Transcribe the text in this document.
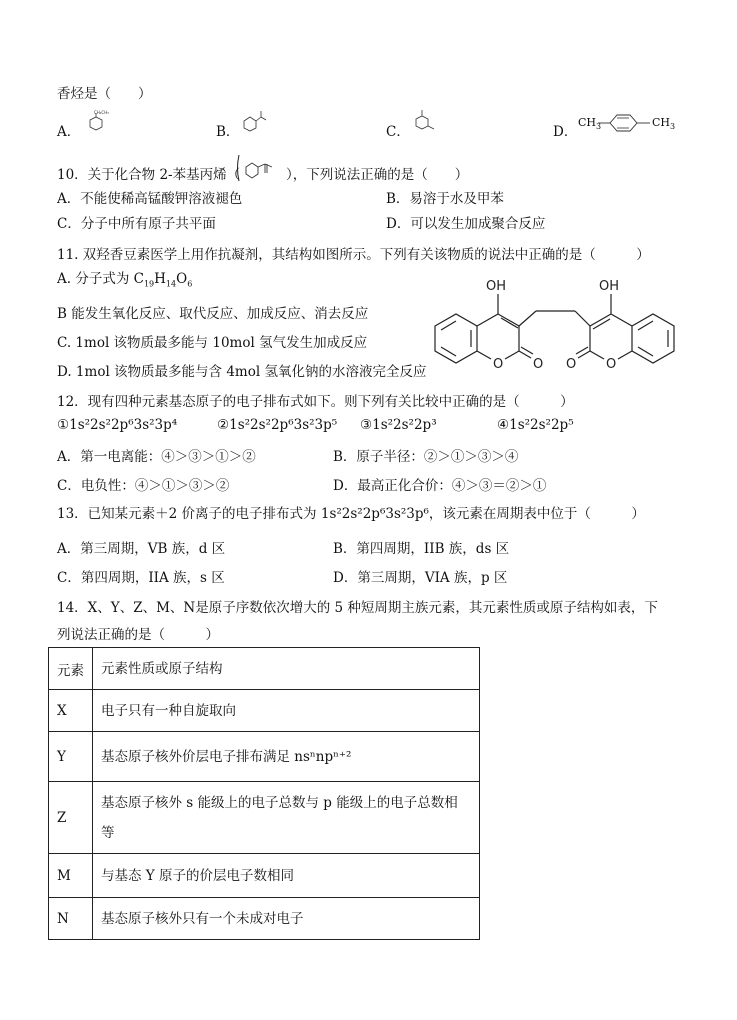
香烃是（　　）
A．
CH₂CH₃
B．	C．	D．
$CH_3$	$CH_3$
10．关于化合物 2-苯基丙烯（	），下列说法正确的是（　　）
A．不能使稀高锰酸钾溶液褪色	B．易溶于水及甲苯
C．分子中所有原子共平面	D．可以发生加成聚合反应
11. 双羟香豆素医学上用作抗凝剂，其结构如图所示。下列有关该物质的说法中正确的是（　　　）
A. 分子式为 $C_{19}H_{14}O_6$
B 能发生氧化反应、取代反应、加成反应、消去反应
C. 1mol 该物质最多能与 10mol 氢气发生加成反应
D. 1mol 该物质最多能与含 4mol 氢氧化钠的水溶液完全反应
OH	OH
O O	O
O
12．现有四种元素基态原子的电子排布式如下。则下列有关比较中正确的是（　　　）
①1s²2s²2p⁶3s²3p⁴	②1s²2s²2p⁶3s²3p⁵ ③1s²2s²2p³	④1s²2s²2p⁵
A．第一电离能：④＞③＞①＞②	B．原子半径：②＞①＞③＞④
C．电负性：④＞①＞③＞②	D．最高正化合价：④＞③＝②＞①
13．已知某元素＋2 价离子的电子排布式为 1s²2s²2p⁶3s²3p⁶，该元素在周期表中位于（　　　）
A．第三周期，VB 族，d 区	B．第四周期，IIB 族，ds 区
C．第四周期，IIA 族，s 区	D．第三周期，VIA 族，p 区
14．X、Y、Z、M、N是原子序数依次增大的 5 种短周期主族元素，其元素性质或原子结构如表，下
列说法正确的是（　　　）
元素	元素性质或原子结构
X	电子只有一种自旋取向
Y	基态原子核外价层电子排布满足 nsⁿnpⁿ⁺²
Z	基态原子核外 s 能级上的电子总数与 p 能级上的电子总数相等
M	与基态 Y 原子的价层电子数相同
N	基态原子核外只有一个未成对电子
